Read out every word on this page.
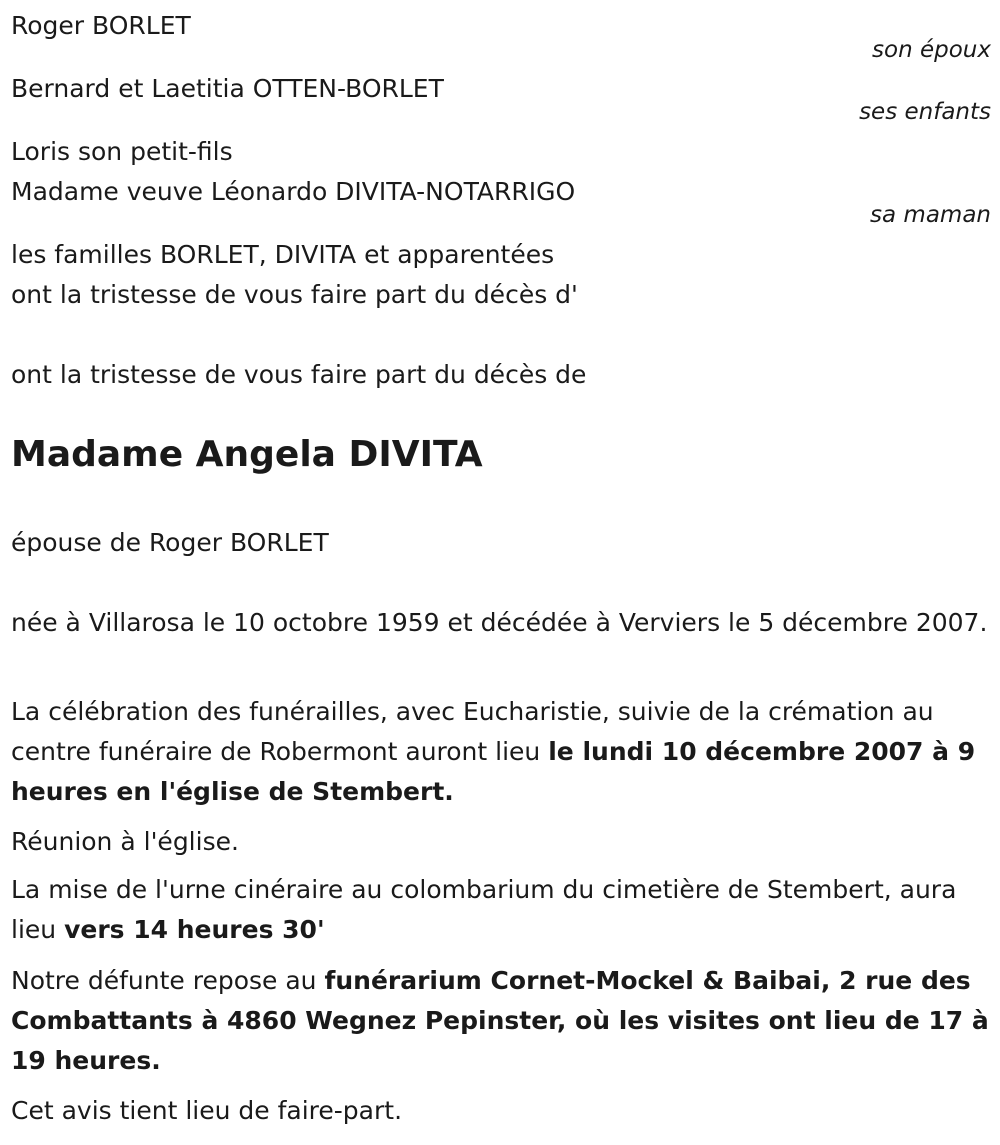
Roger BORLET
son époux
Bernard et Laetitia OTTEN-BORLET
ses enfants
Loris son petit-fils
Madame veuve Léonardo DIVITA-NOTARRIGO
sa maman
les familles BORLET, DIVITA et apparentées
ont la tristesse de vous faire part du décès d'
ont la tristesse de vous faire part du décès de
Madame Angela DIVITA
épouse de Roger BORLET
née à Villarosa le 10 octobre 1959 et décédée à Verviers le 5 décembre 2007.
La célébration des funérailles, avec Eucharistie, suivie de la crémation au centre funéraire de Robermont auront lieu le lundi 10 décembre 2007 à 9 heures en l'église de Stembert.
Réunion à l'église.
La mise de l'urne cinéraire au colombarium du cimetière de Stembert, aura lieu vers 14 heures 30'
Notre défunte repose au funérarium Cornet-Mockel & Baibai, 2 rue des Combattants à 4860 Wegnez Pepinster, où les visites ont lieu de 17 à 19 heures.
Cet avis tient lieu de faire-part.
